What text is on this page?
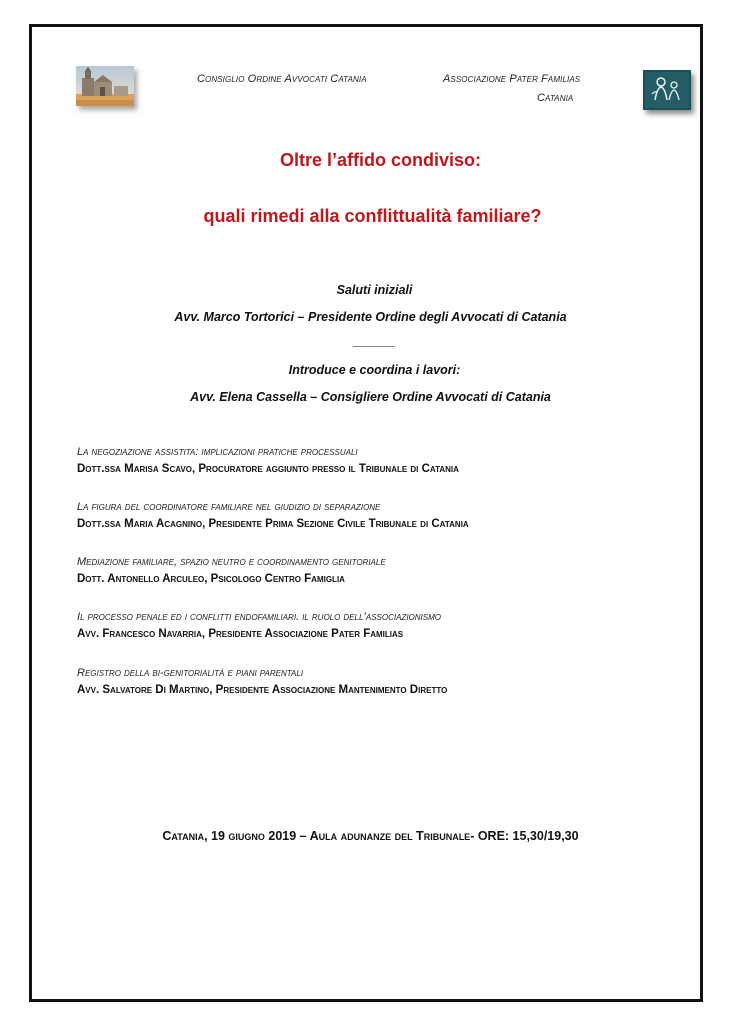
Consiglio Ordine Avvocati Catania	Associazione Pater Familias
Catania
Oltre l’affido condiviso:
quali rimedi alla conflittualità familiare?
Saluti iniziali
Avv. Marco Tortorici – Presidente Ordine degli Avvocati di Catania
______
Introduce e coordina i lavori:
Avv. Elena Cassella – Consigliere Ordine Avvocati di Catania
La negoziazione assistita: implicazioni pratiche processuali
Dott.ssa Marisa Scavo, Procuratore aggiunto presso il Tribunale di Catania
La figura del coordinatore familiare nel giudizio di separazione
Dott.ssa Maria Acagnino, Presidente Prima Sezione Civile Tribunale di Catania
Mediazione familiare, spazio neutro e coordinamento genitoriale
Dott. Antonello Arculeo, Psicologo Centro Famiglia
Il processo penale ed i conflitti endofamiliari. il ruolo dell’associazionismo
Avv. Francesco Navarria, Presidente Associazione Pater Familias
Registro della bi-genitorialità e piani parentali
Avv. Salvatore Di Martino, Presidente Associazione Mantenimento Diretto
Catania, 19 giugno 2019 – Aula adunanze del Tribunale- ORE: 15,30/19,30
